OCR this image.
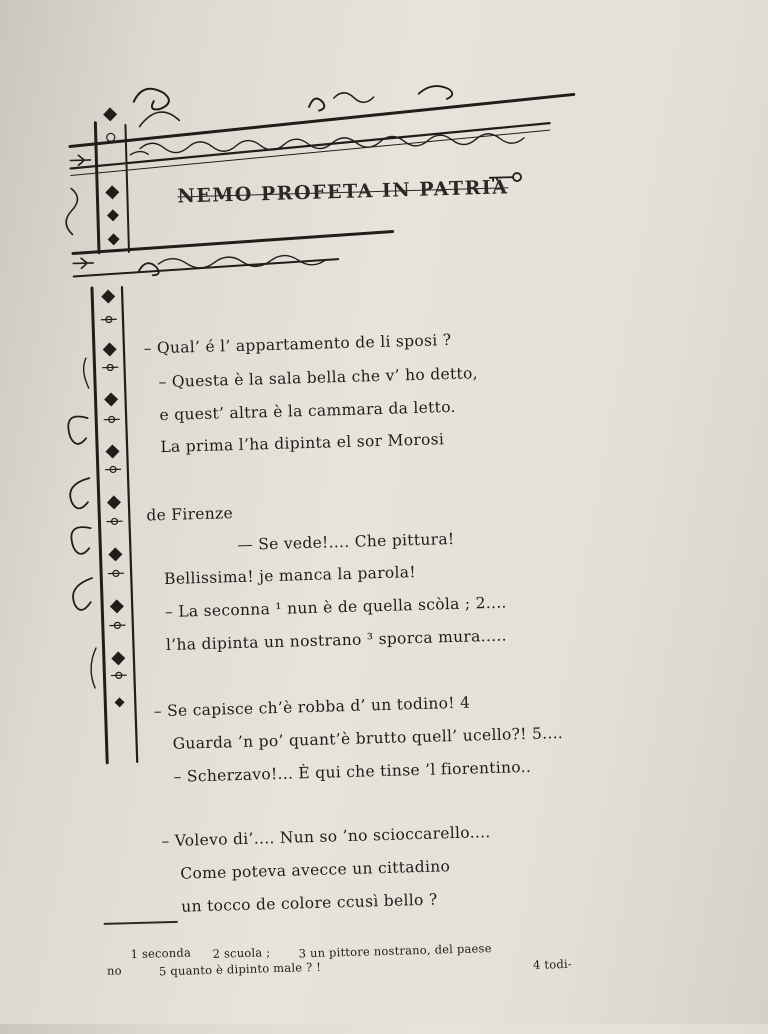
NEMO PROFETA IN PATRIA
– Qual’ é l’ appartamento de li sposi ?
– Questa è la sala bella che v’ ho detto,
e quest’ altra è la cammara da letto.
La prima l’ha dipinta el sor Morosi
de Firenze
— Se vede!.... Che pittura!
Bellissima! je manca la parola!
– La seconna ¹ nun è de quella scòla ; 2....
l’ha dipinta un nostrano ³ sporca mura.....
– Se capisce ch’è robba d’ un todino! 4
Guarda ’n po’ quant’è brutto quell’ ucello?! 5....
– Scherzavo!... È qui che tinse ’l fiorentino..
– Volevo di’.... Nun so ’no scioccarello....
Come poteva avecce un cittadino
un tocco de colore ccusì bello ?
1 seconda 2 scuola ; 3 un pittore nostrano, del paese
4 todi-
no	5 quanto è dipinto male ? !
